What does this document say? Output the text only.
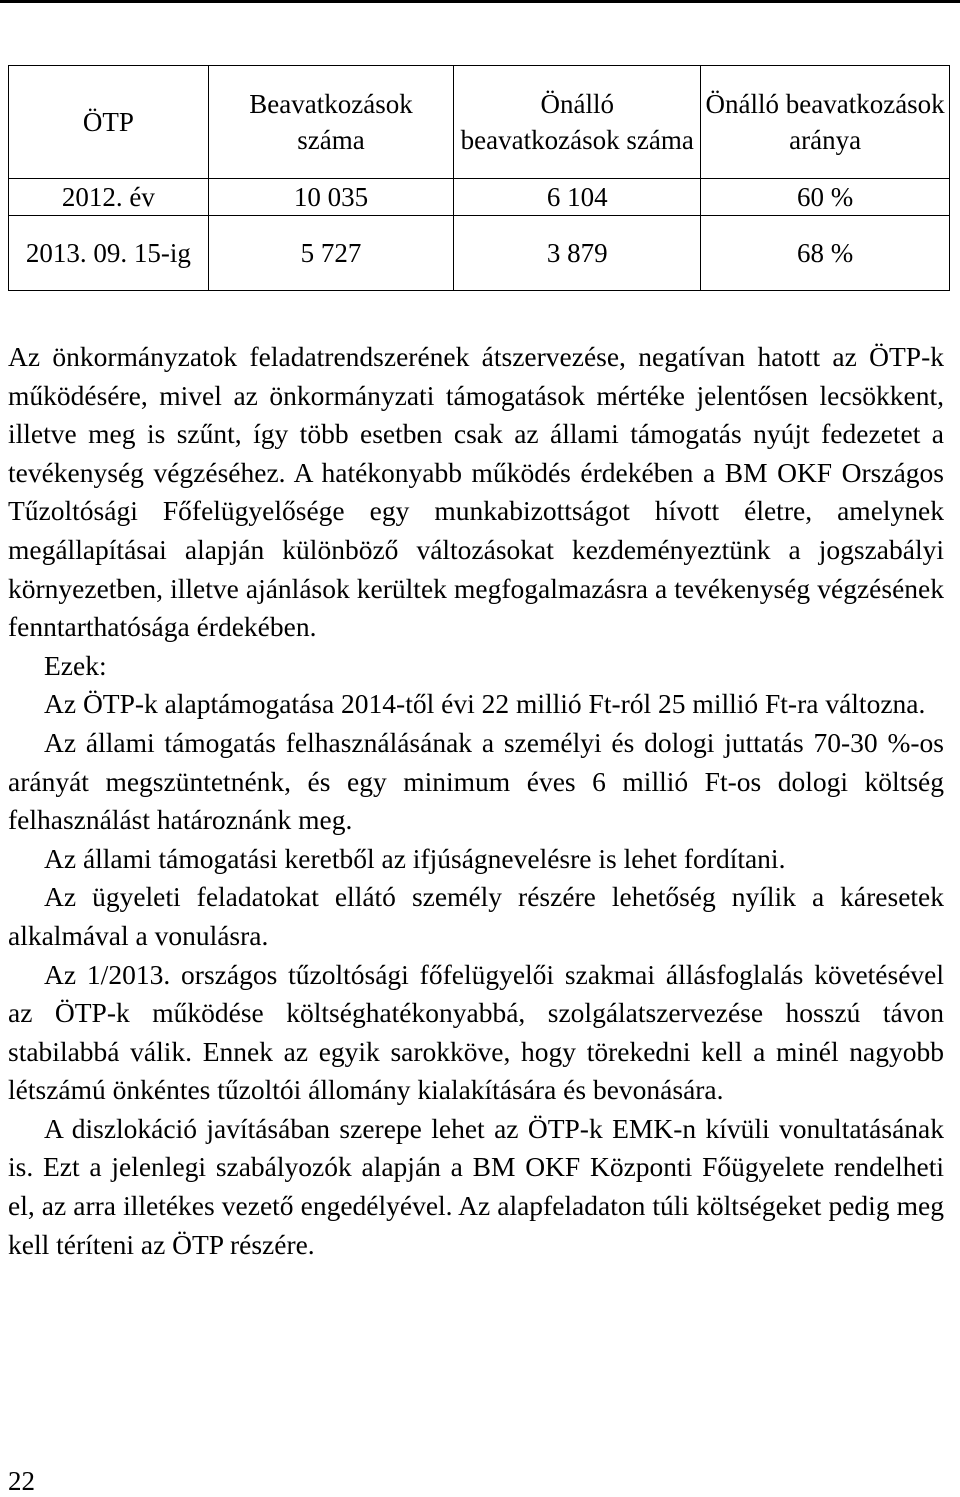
ÖTP	Beavatkozások száma	Önálló beavatkozások száma	Önálló beavatkozások aránya
2012. év	10 035	6 104	60 %
2013. 09. 15-ig	5 727	3 879	68 %

Az önkormányzatok feladatrendszerének átszervezése, negatívan hatott az ÖTP-k működésére, mivel az önkormányzati támogatások mértéke jelentősen lecsökkent, illetve meg is szűnt, így több esetben csak az állami támogatás nyújt fedezetet a tevékenység végzéséhez. A hatékonyabb működés érdekében a BM OKF Országos Tűzoltósági Főfelügyelősége egy munkabizottságot hívott életre, amelynek megállapításai alapján különböző változásokat kezdeményeztünk a jogszabályi környezetben, illetve ajánlások kerültek megfogalmazásra a tevékenység végzésének fenntarthatósága érdekében.

Ezek:

Az ÖTP-k alaptámogatása 2014-től évi 22 millió Ft-ról 25 millió Ft-ra változna.

Az állami támogatás felhasználásának a személyi és dologi juttatás 70-30 %-os arányát megszüntetnénk, és egy minimum éves 6 millió Ft-os dologi költség felhasználást határoznánk meg.

Az állami támogatási keretből az ifjúságnevelésre is lehet fordítani.

Az ügyeleti feladatokat ellátó személy részére lehetőség nyílik a káresetek alkalmával a vonulásra.

Az 1/2013. országos tűzoltósági főfelügyelői szakmai állásfoglalás követésével az ÖTP-k működése költséghatékonyabbá, szolgálatszervezése hosszú távon stabilabbá válik. Ennek az egyik sarokköve, hogy törekedni kell a minél nagyobb létszámú önkéntes tűzoltói állomány kialakítására és bevonására.

A diszlokáció javításában szerepe lehet az ÖTP-k EMK-n kívüli vonultatásának is. Ezt a jelenlegi szabályozók alapján a BM OKF Központi Főügyelete rendelheti el, az arra illetékes vezető engedélyével. Az alapfeladaton túli költségeket pedig meg kell téríteni az ÖTP részére.

22
